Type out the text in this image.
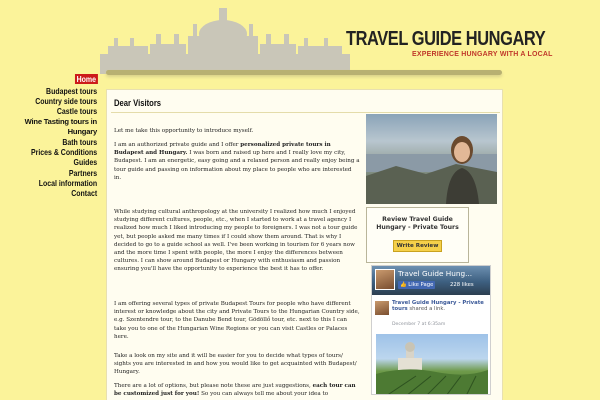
TRAVEL GUIDE HUNGARY
EXPERIENCE HUNGARY WITH A LOCAL
Home
Budapest tours
Country side tours
Castle tours
Wine Tasting tours in Hungary
Bath tours
Prices & Conditions
Guides
Partners
Local information
Contact
Dear Visitors

Let me take this opportunity to introduce myself.

I am an authorized private guide and I offer personalized private tours in Budapest and Hungary. I was born and raised up here and I really love my city, Budapest. I am an energetic, easy going and a relaxed person and really enjoy being a tour guide and passing on information about my place to people who are interested in.

While studying cultural anthropology at the university I realized how much I enjoyed studying different cultures, people, etc., when I started to work at a travel agency I realized how much I liked introducing my people to foreigners. I was not a tour guide yet, but people asked me many times if I could show them around. That is why I decided to go to a guide school as well. I've been working in tourism for 6 years now and the more time I spent with people, the more I enjoy the differences between cultures. I can show around Budapest or Hungary with enthusiasm and passion ensuring you'll have the opportunity to experience the best it has to offer.

I am offering several types of private Budapest Tours for people who have different interest or knowledge about the city and Private Tours to the Hungarian Country side, e.g. Szentendre tour, to the Danube Bend tour, Gödöllő tour, etc. next to this I can take you to one of the Hungarian Wine Regions or you can visit Castles or Palaces here.

Take a look on my site and it will be easier for you to decide what types of tours/ sights you are interested in and how you would like to get acquainted with Budapest/ Hungary.

There are a lot of options, but please note these are just suggestions, each tour can be customized just for you! So you can always tell me about your idea to

Review Travel Guide Hungary - Private Tours
Write Review
Travel Guide Hung...
👍 Like Page	228 likes
Travel Guide Hungary - Private tours shared a link.
December 7 at 6:35am
